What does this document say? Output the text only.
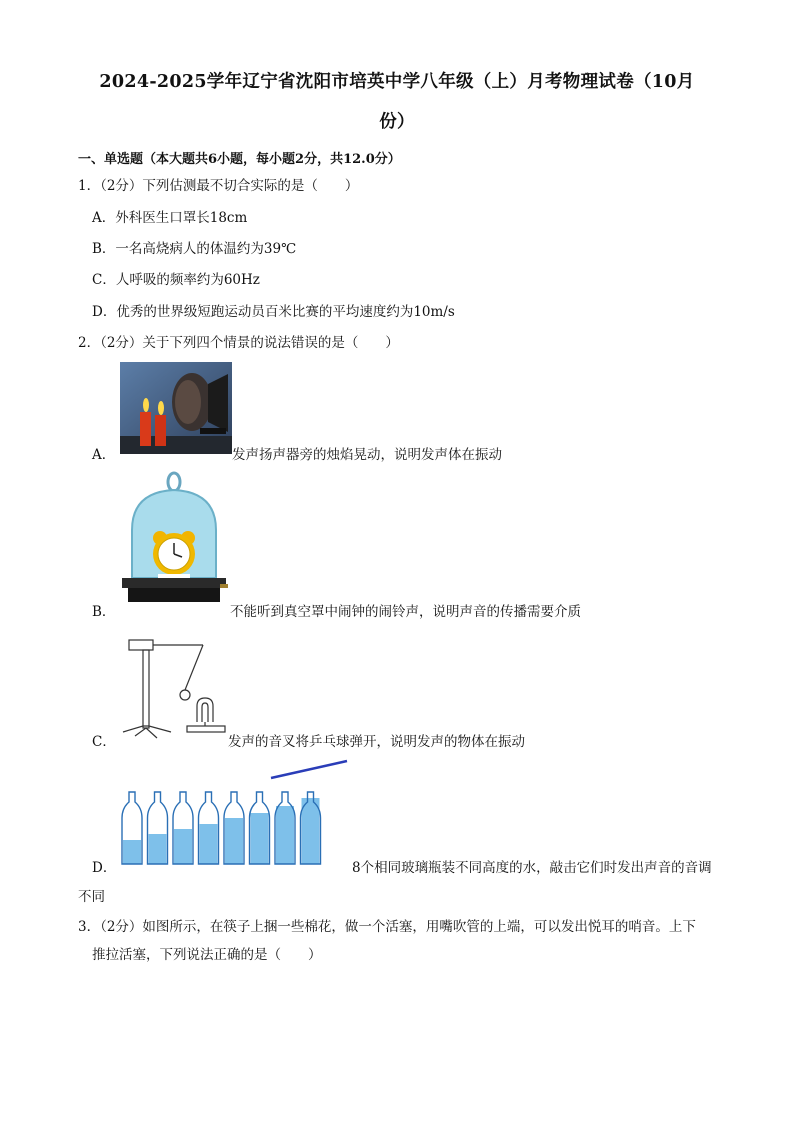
2024-2025学年辽宁省沈阳市培英中学八年级（上）月考物理试卷（10月
份）
一、单选题（本大题共6小题，每小题2分，共12.0分）
1．（2分）下列估测最不切合实际的是（　　）
A．外科医生口罩长18cm
B．一名高烧病人的体温约为39℃
C．人呼吸的频率约为60Hz
D．优秀的世界级短跑运动员百米比赛的平均速度约为10m/s
2．（2分）关于下列四个情景的说法错误的是（　　）
A．	发声扬声器旁的烛焰晃动，说明发声体在振动
B．	不能听到真空罩中闹钟的闹铃声，说明声音的传播需要介质
C．	发声的音叉将乒乓球弹开，说明发声的物体在振动
D．	8个相同玻璃瓶装不同高度的水，敲击它们时发出声音的音调
不同
3．（2分）如图所示，在筷子上捆一些棉花，做一个活塞，用嘴吹管的上端，可以发出悦耳的哨音。上下
推拉活塞，下列说法正确的是（　　）
